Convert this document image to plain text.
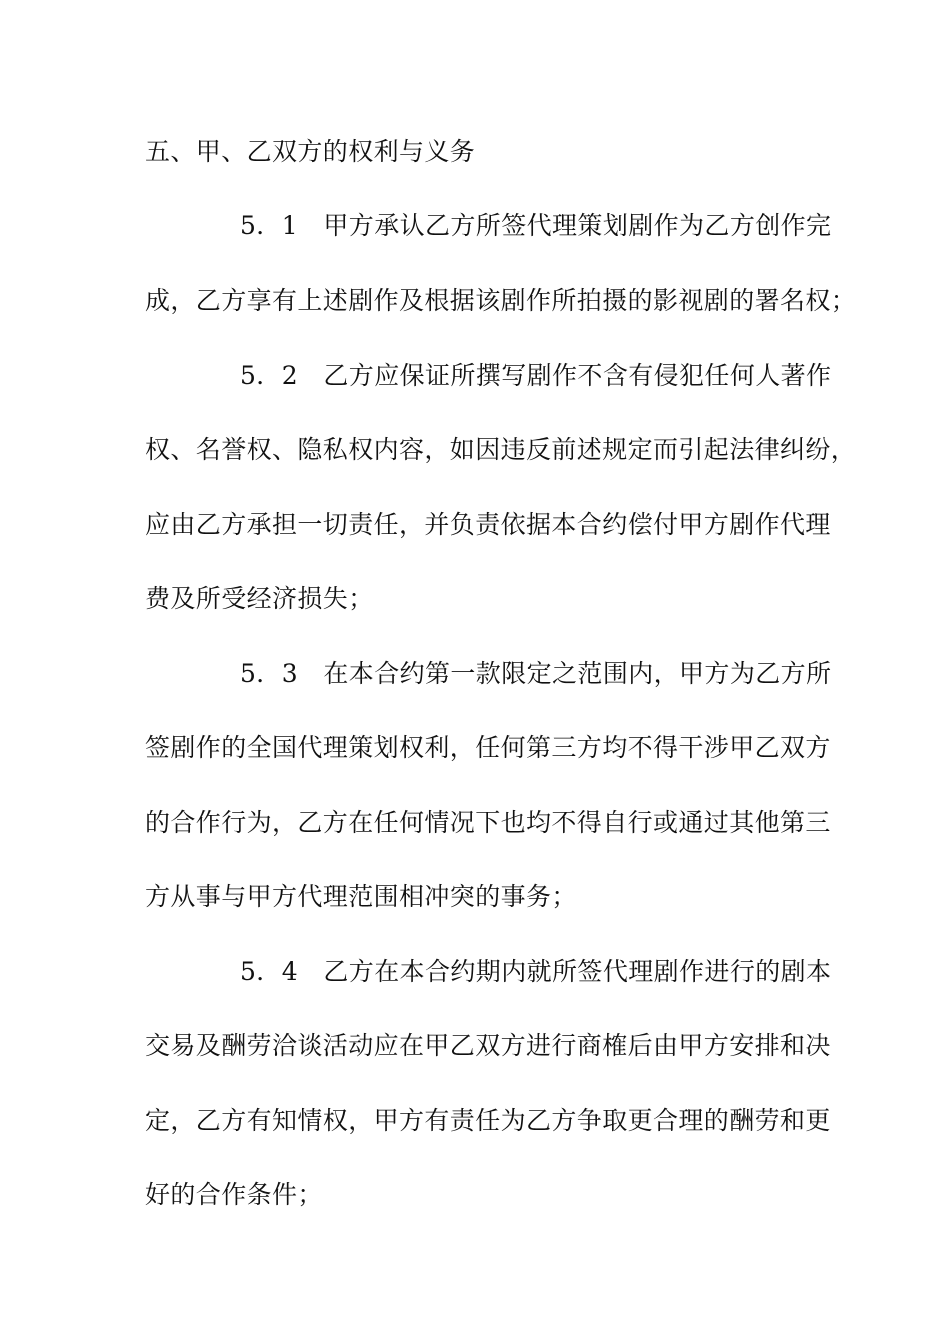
五、甲、乙双方的权利与义务

5．1　甲方承认乙方所签代理策划剧作为乙方创作完

成，乙方享有上述剧作及根据该剧作所拍摄的影视剧的署名权；

5．2　乙方应保证所撰写剧作不含有侵犯任何人著作

权、名誉权、隐私权内容，如因违反前述规定而引起法律纠纷，

应由乙方承担一切责任，并负责依据本合约偿付甲方剧作代理

费及所受经济损失；

5．3　在本合约第一款限定之范围内，甲方为乙方所

签剧作的全国代理策划权利，任何第三方均不得干涉甲乙双方

的合作行为，乙方在任何情况下也均不得自行或通过其他第三

方从事与甲方代理范围相冲突的事务；

5．4　乙方在本合约期内就所签代理剧作进行的剧本

交易及酬劳洽谈活动应在甲乙双方进行商榷后由甲方安排和决

定，乙方有知情权，甲方有责任为乙方争取更合理的酬劳和更

好的合作条件；
